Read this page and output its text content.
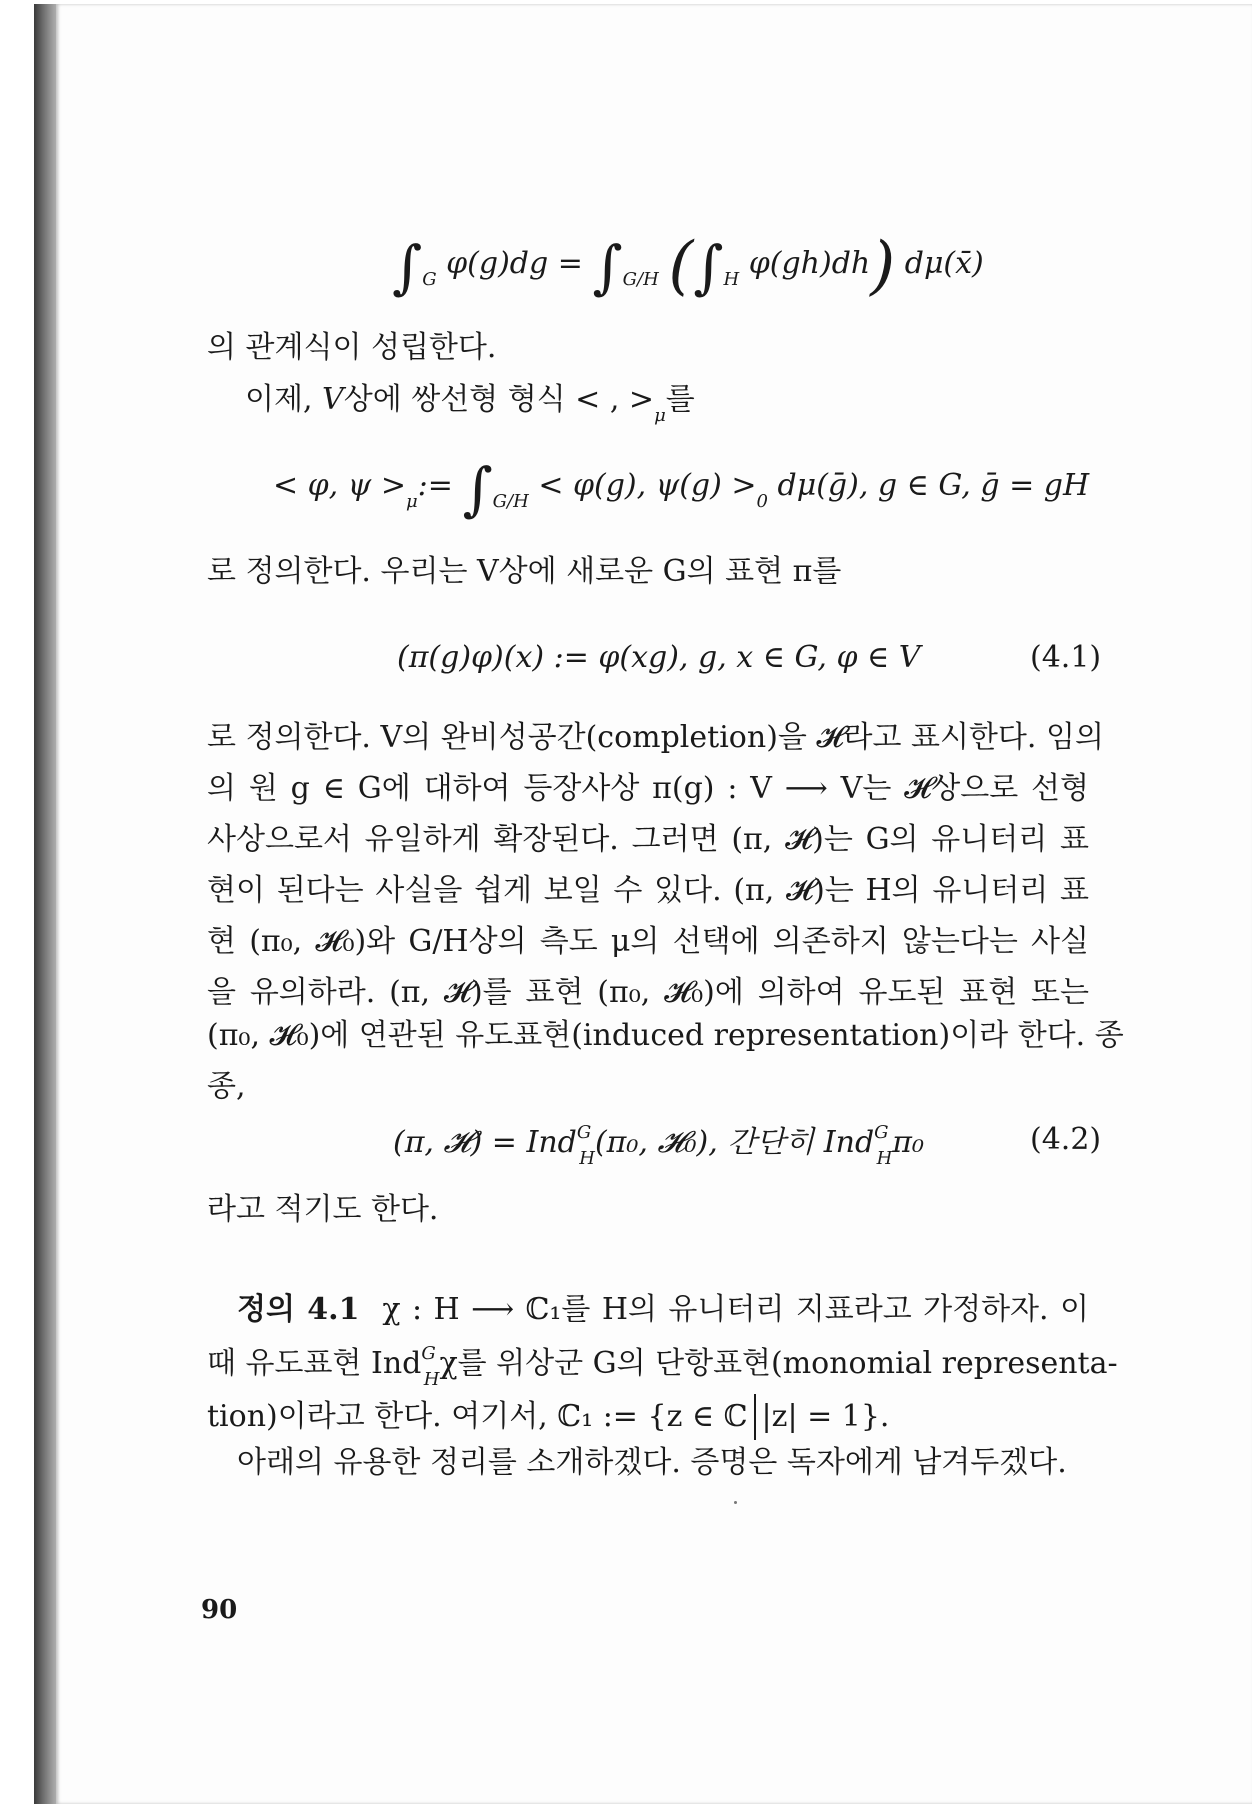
$\int_G$ $\varphi(g)dg = \int_{G/H}$ ($\int_H$ φ(gh)dh) dμ(x̄)
의 관계식이 성립한다.
이제, V상에 쌍선형 형식 < , $>_\mu$를
< φ, $\psi >_\mu:= \int_{G/H} < \varphi(g)$, $\psi(g) >_0$ dμ(ḡ), g ∈ G, ḡ = gH
로 정의한다. 우리는 V상에 새로운 G의 표현 π를
(π(g)φ)(x) := φ(xg), g, x ∈ G, φ ∈ V	(4.1)
로 정의한다. V의 완비성공간(completion)을 𝓗라고 표시한다. 임의
의 원 g ∈ G에 대하여 등장사상 π(g) : V ⟶ V는 𝓗상으로 선형
사상으로서 유일하게 확장된다. 그러면 (π, 𝓗)는 G의 유니터리 표
현이 된다는 사실을 쉽게 보일 수 있다. (π, 𝓗)는 H의 유니터리 표
현 (π₀, 𝓗₀)와 G/H상의 측도 μ의 선택에 의존하지 않는다는 사실
을 유의하라. (π, 𝓗)를 표현 (π₀, 𝓗₀)에 의하여 유도된 표현 또는
(π₀, 𝓗₀)에 연관된 유도표현(induced representation)이라 한다. 종
종,
(π, 𝓗) = Ind$^G_H$(π₀, 𝓗₀), 간단히 Ind$^G_H$π₀	(4.2)
라고 적기도 한다.
정의 4.1 χ : H ⟶ ℂ₁를 H의 유니터리 지표라고 가정하자. 이
때 유도표현 Ind$^G_H$χ를 위상군 G의 단항표현(monomial representa-
tion)이라고 한다. 여기서, ℂ₁ := {z ∈ ℂ |z| = 1}.
아래의 유용한 정리를 소개하겠다. 증명은 독자에게 남겨두겠다.
90
